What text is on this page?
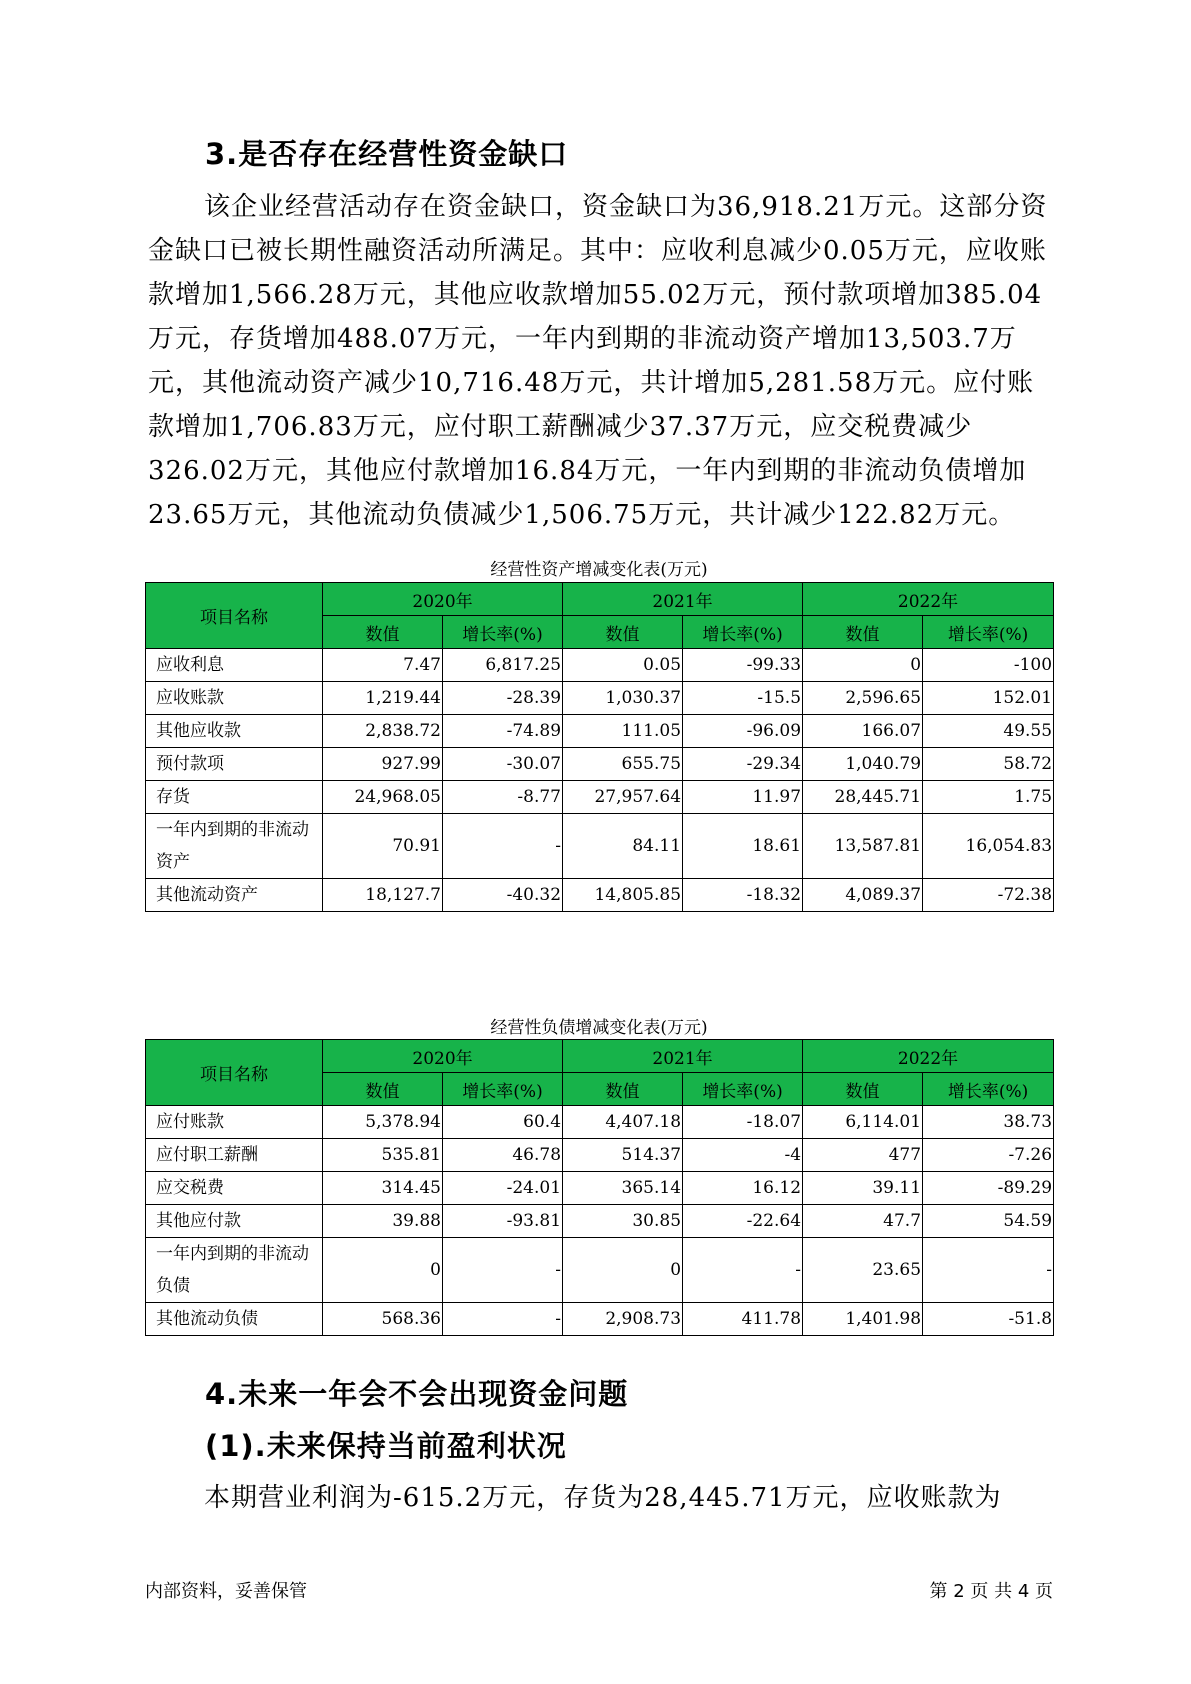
3.是否存在经营性资金缺口

该企业经营活动存在资金缺口，资金缺口为36,918.21万元。这部分资金缺口已被长期性融资活动所满足。其中：应收利息减少0.05万元，应收账款增加1,566.28万元，其他应收款增加55.02万元，预付款项增加385.04万元，存货增加488.07万元，一年内到期的非流动资产增加13,503.7万元，其他流动资产减少10,716.48万元，共计增加5,281.58万元。应付账款增加1,706.83万元，应付职工薪酬减少37.37万元，应交税费减少326.02万元，其他应付款增加16.84万元，一年内到期的非流动负债增加23.65万元，其他流动负债减少1,506.75万元，共计减少122.82万元。

经营性资产增减变化表(万元)
项目名称	2020年		2021年		2022年	
	数值	增长率(%)	数值	增长率(%)	数值	增长率(%)
应收利息	7.47	6,817.25	0.05	-99.33	0	-100
应收账款	1,219.44	-28.39	1,030.37	-15.5	2,596.65	152.01
其他应收款	2,838.72	-74.89	111.05	-96.09	166.07	49.55
预付款项	927.99	-30.07	655.75	-29.34	1,040.79	58.72
存货	24,968.05	-8.77	27,957.64	11.97	28,445.71	1.75
一年内到期的非流动资产	70.91	-	84.11	18.61	13,587.81	16,054.83
其他流动资产	18,127.7	-40.32	14,805.85	-18.32	4,089.37	-72.38
经营性负债增减变化表(万元)
项目名称	2020年		2021年		2022年	
	数值	增长率(%)	数值	增长率(%)	数值	增长率(%)
应付账款	5,378.94	60.4	4,407.18	-18.07	6,114.01	38.73
应付职工薪酬	535.81	46.78	514.37	-4	477	-7.26
应交税费	314.45	-24.01	365.14	16.12	39.11	-89.29
其他应付款	39.88	-93.81	30.85	-22.64	47.7	54.59
一年内到期的非流动负债	0	-	0	-	23.65	-
其他流动负债	568.36	-	2,908.73	411.78	1,401.98	-51.8
4.未来一年会不会出现资金问题
(1).未来保持当前盈利状况

本期营业利润为-615.2万元，存货为28,445.71万元，应收账款为

内部资料，妥善保管	第 2 页 共 4 页
